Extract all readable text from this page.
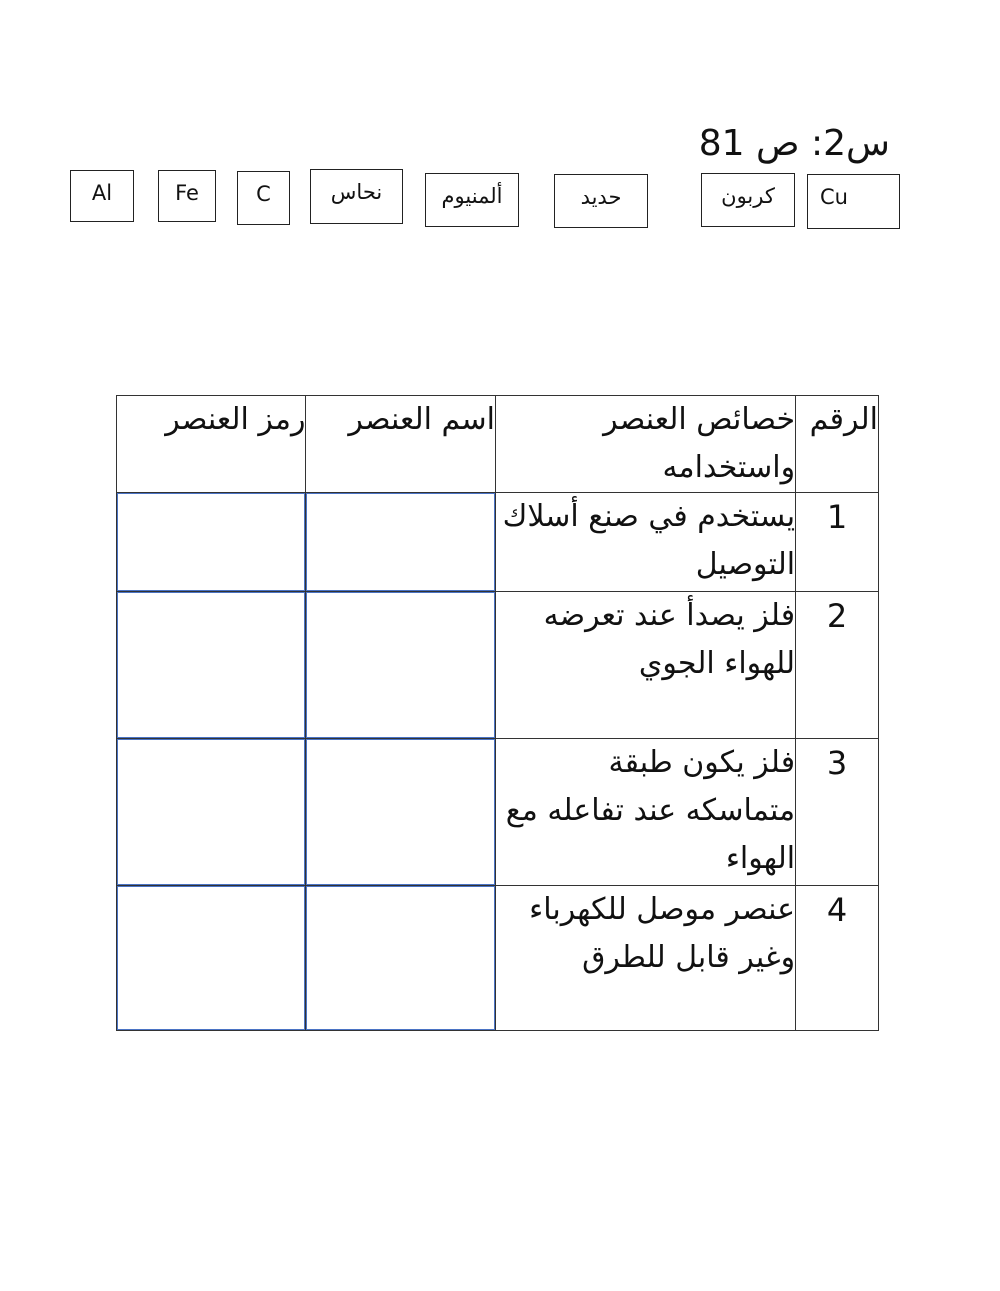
س2: ص 81
Al	Fe	C	نحاس	ألمنيوم	حديد	كربون	Cu
الرقم	خصائص العنصر واستخدامه	اسم العنصر	رمز العنصر
1	يستخدم في صنع أسلاك التوصيل	

2	فلز يصدأ عند تعرضه للهواء الجوي	

3	فلز يكون طبقة متماسكه عند تفاعله مع الهواء	

4	عنصر موصل للكهرباء وغير قابل للطرق	
